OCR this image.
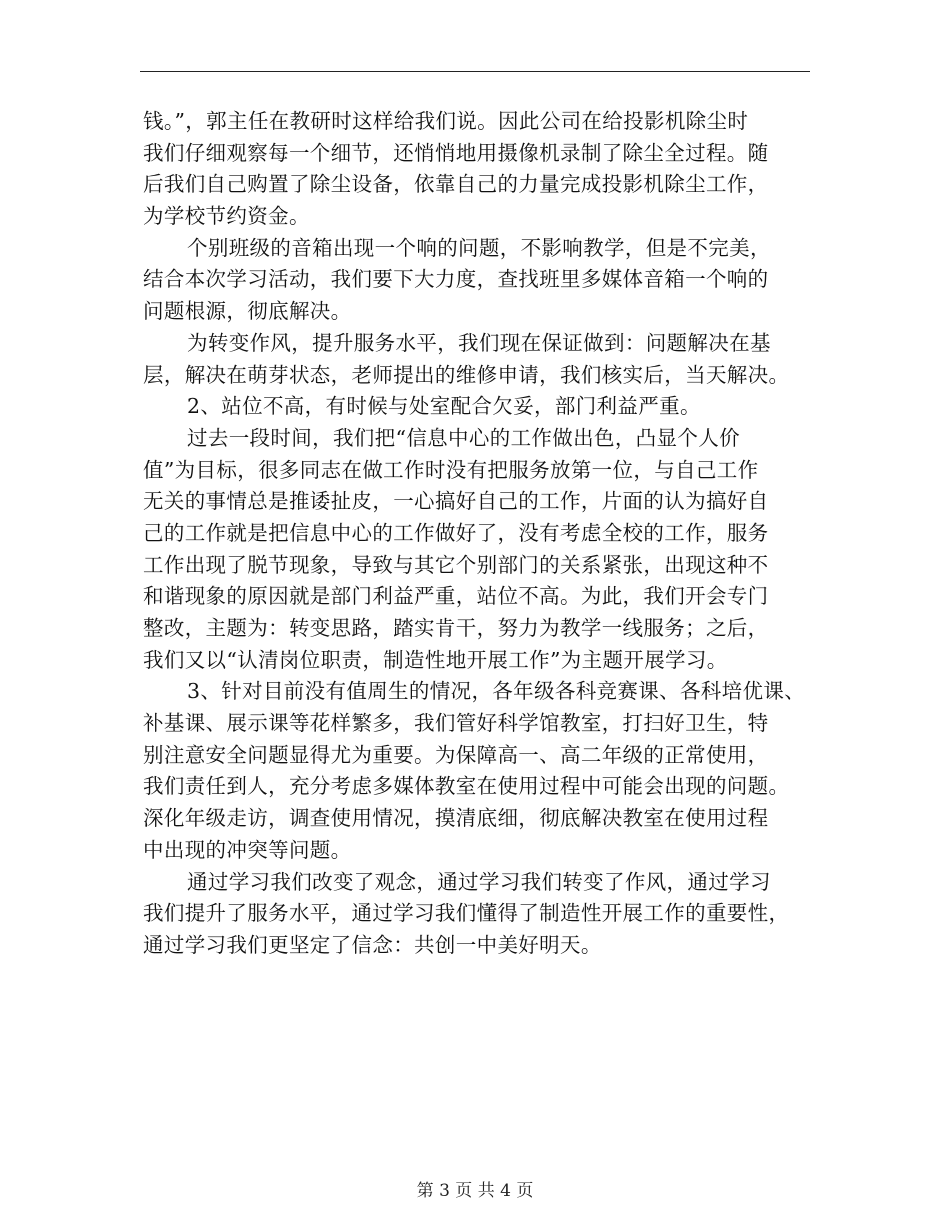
钱。”，郭主任在教研时这样给我们说。因此公司在给投影机除尘时
我们仔细观察每一个细节，还悄悄地用摄像机录制了除尘全过程。随
后我们自己购置了除尘设备，依靠自己的力量完成投影机除尘工作，
为学校节约资金。
个别班级的音箱出现一个响的问题，不影响教学，但是不完美，
结合本次学习活动，我们要下大力度，查找班里多媒体音箱一个响的
问题根源，彻底解决。
为转变作风，提升服务水平，我们现在保证做到：问题解决在基
层，解决在萌芽状态，老师提出的维修申请，我们核实后，当天解决。
2、站位不高，有时候与处室配合欠妥，部门利益严重。
过去一段时间，我们把“信息中心的工作做出色，凸显个人价
值”为目标，很多同志在做工作时没有把服务放第一位，与自己工作
无关的事情总是推诿扯皮，一心搞好自己的工作，片面的认为搞好自
己的工作就是把信息中心的工作做好了，没有考虑全校的工作，服务
工作出现了脱节现象，导致与其它个别部门的关系紧张，出现这种不
和谐现象的原因就是部门利益严重，站位不高。为此，我们开会专门
整改，主题为：转变思路，踏实肯干，努力为教学一线服务；之后，
我们又以“认清岗位职责，制造性地开展工作”为主题开展学习。
3、针对目前没有值周生的情况，各年级各科竞赛课、各科培优课、
补基课、展示课等花样繁多，我们管好科学馆教室，打扫好卫生，特
别注意安全问题显得尤为重要。为保障高一、高二年级的正常使用，
我们责任到人，充分考虑多媒体教室在使用过程中可能会出现的问题。
深化年级走访，调查使用情况，摸清底细，彻底解决教室在使用过程
中出现的冲突等问题。
通过学习我们改变了观念，通过学习我们转变了作风，通过学习
我们提升了服务水平，通过学习我们懂得了制造性开展工作的重要性，
通过学习我们更坚定了信念：共创一中美好明天。
第 3 页 共 4 页
